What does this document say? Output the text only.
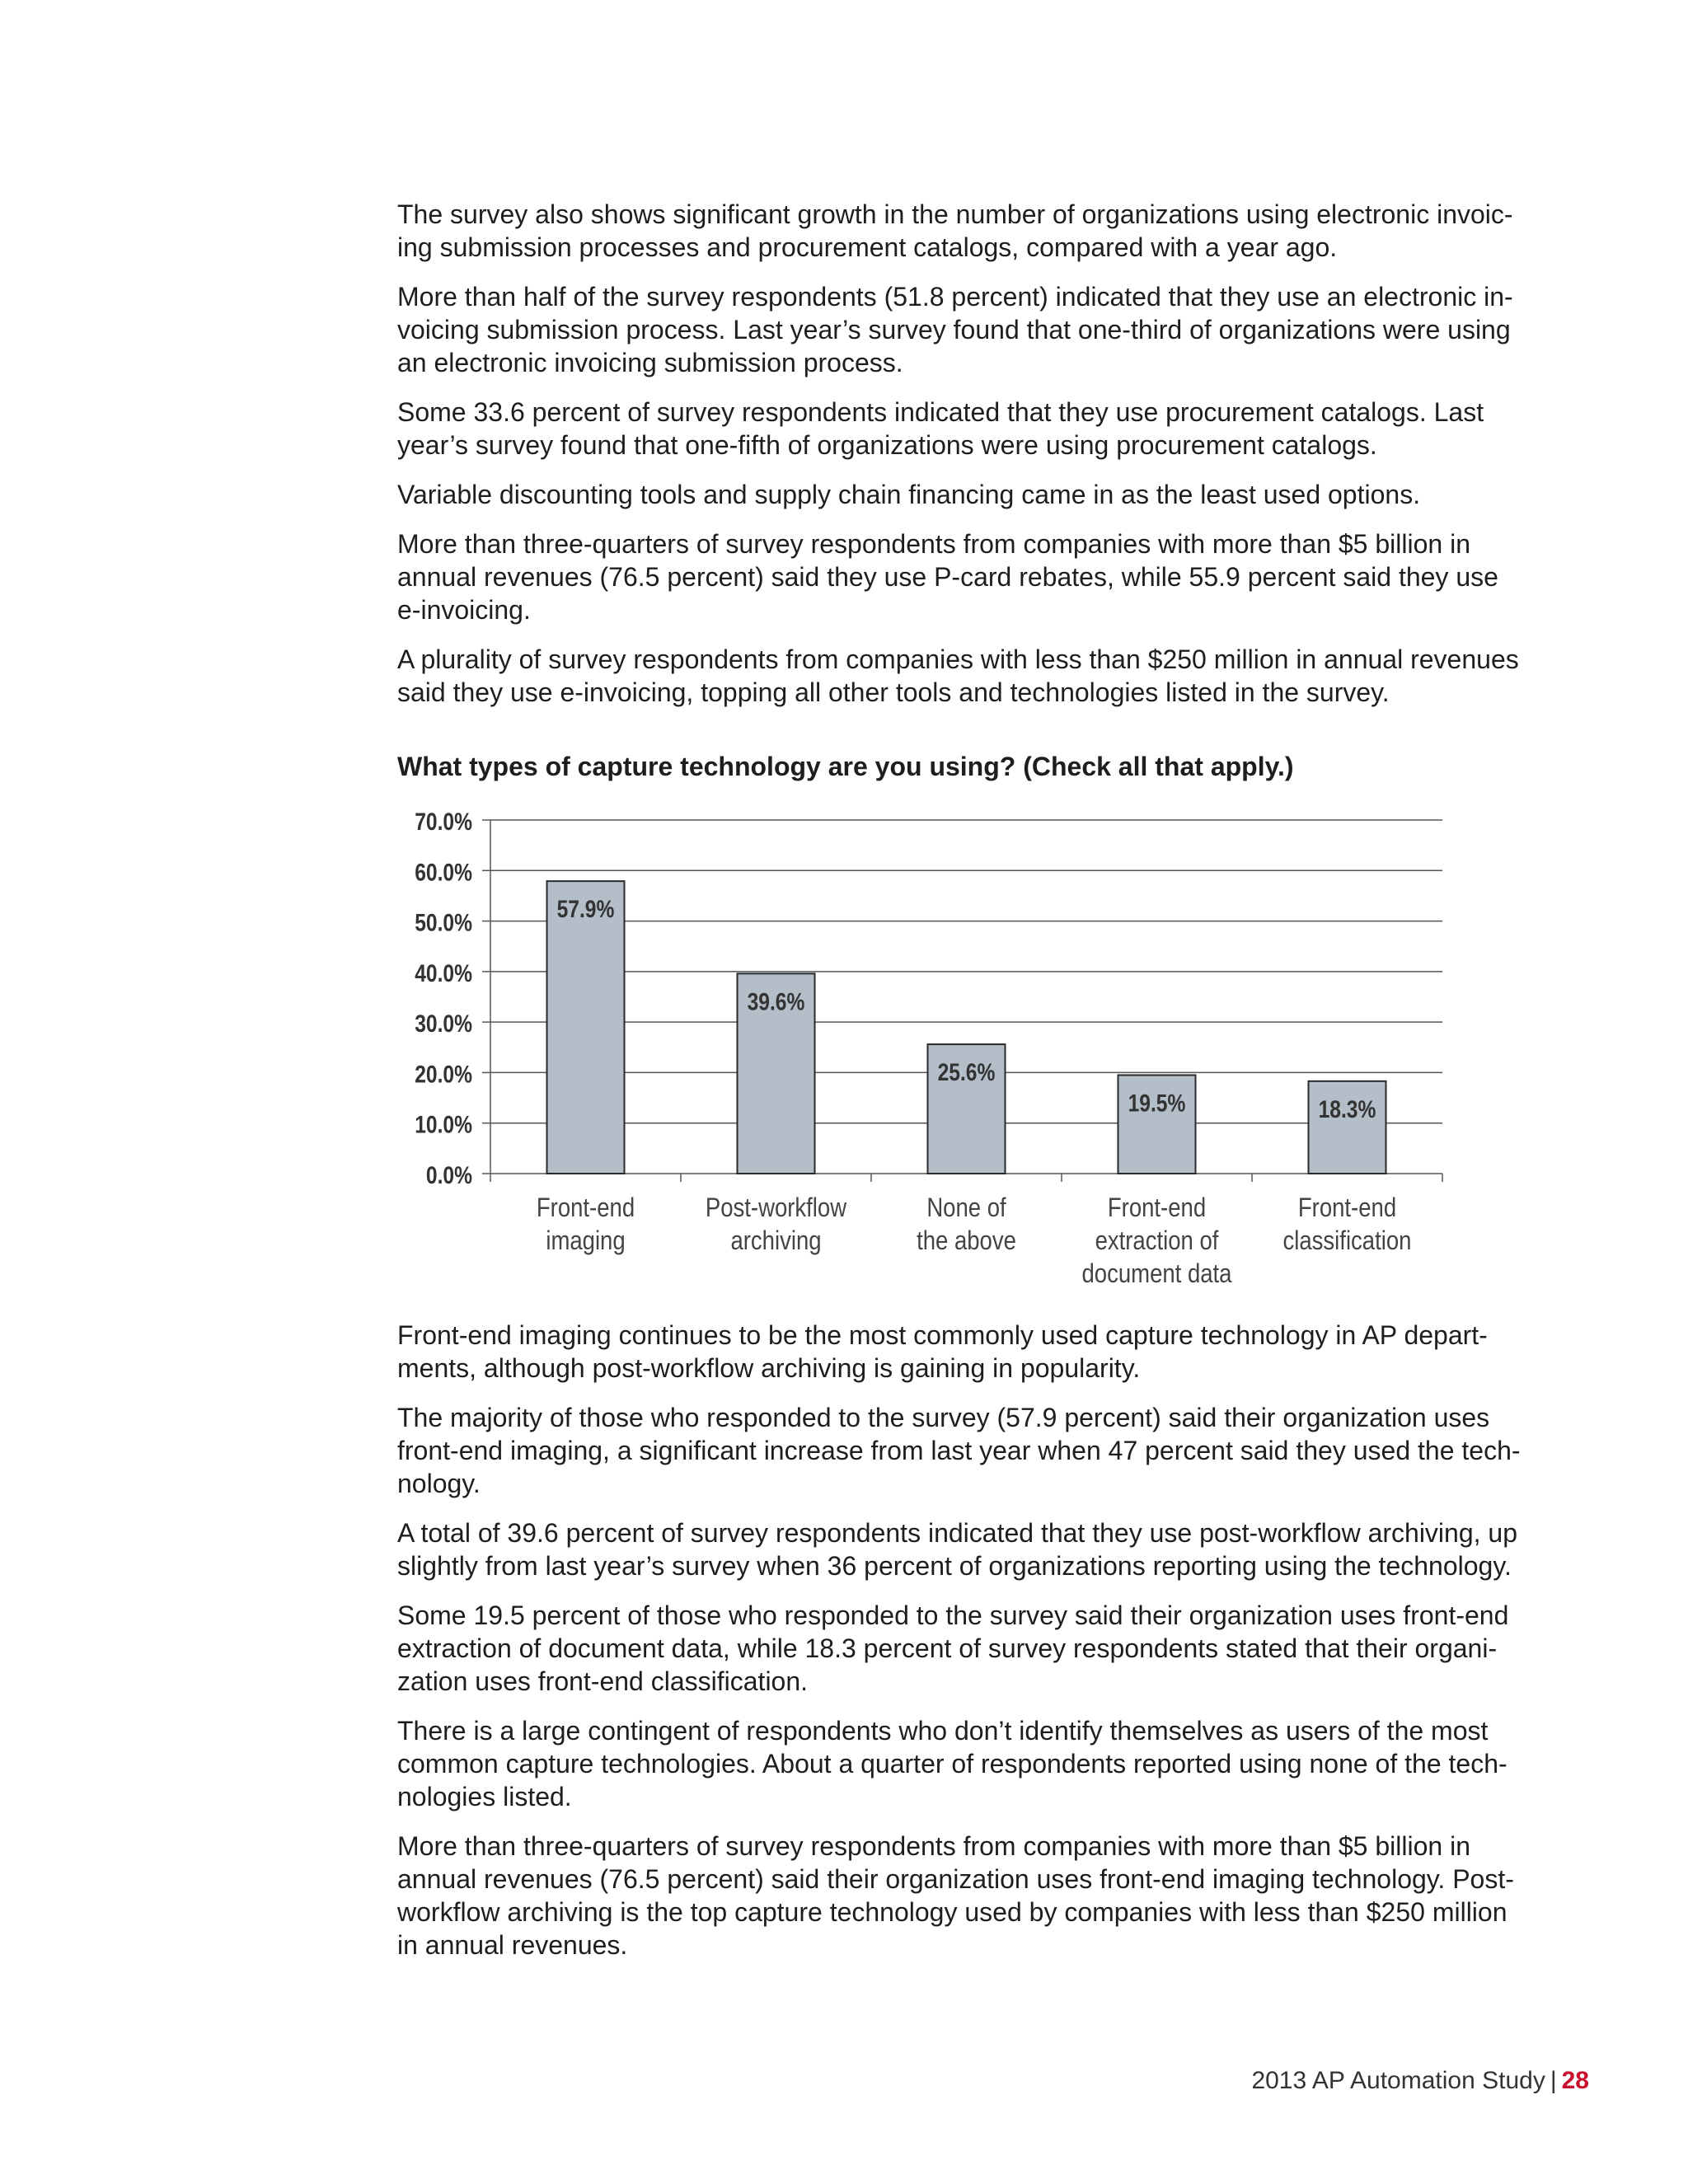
The survey also shows significant growth in the number of organizations using electronic invoic-
ing submission processes and procurement catalogs, compared with a year ago.

More than half of the survey respondents (51.8 percent) indicated that they use an electronic in-
voicing submission process. Last year’s survey found that one-third of organizations were using
an electronic invoicing submission process.

Some 33.6 percent of survey respondents indicated that they use procurement catalogs. Last
year’s survey found that one-fifth of organizations were using procurement catalogs.

Variable discounting tools and supply chain financing came in as the least used options.

More than three-quarters of survey respondents from companies with more than $5 billion in
annual revenues (76.5 percent) said they use P-card rebates, while 55.9 percent said they use
e-invoicing.

A plurality of survey respondents from companies with less than $250 million in annual revenues
said they use e-invoicing, topping all other tools and technologies listed in the survey.

What types of capture technology are you using? (Check all that apply.)
0.0%
10.0%
20.0%
30.0%
40.0%
50.0%
60.0%
70.0%
57.9%
Front-end
imaging
39.6%
Post-workflow
archiving
25.6%
None of
the above
19.5%
Front-end
extraction of
document data
18.3%
Front-end
classification

Front-end imaging continues to be the most commonly used capture technology in AP depart-
ments, although post-workflow archiving is gaining in popularity.

The majority of those who responded to the survey (57.9 percent) said their organization uses
front-end imaging, a significant increase from last year when 47 percent said they used the tech-
nology.

A total of 39.6 percent of survey respondents indicated that they use post-workflow archiving, up
slightly from last year’s survey when 36 percent of organizations reporting using the technology.

Some 19.5 percent of those who responded to the survey said their organization uses front-end
extraction of document data, while 18.3 percent of survey respondents stated that their organi-
zation uses front-end classification.

There is a large contingent of respondents who don’t identify themselves as users of the most
common capture technologies. About a quarter of respondents reported using none of the tech-
nologies listed.

More than three-quarters of survey respondents from companies with more than $5 billion in
annual revenues (76.5 percent) said their organization uses front-end imaging technology. Post-
workflow archiving is the top capture technology used by companies with less than $250 million
in annual revenues.

2013 AP Automation Study | 28
